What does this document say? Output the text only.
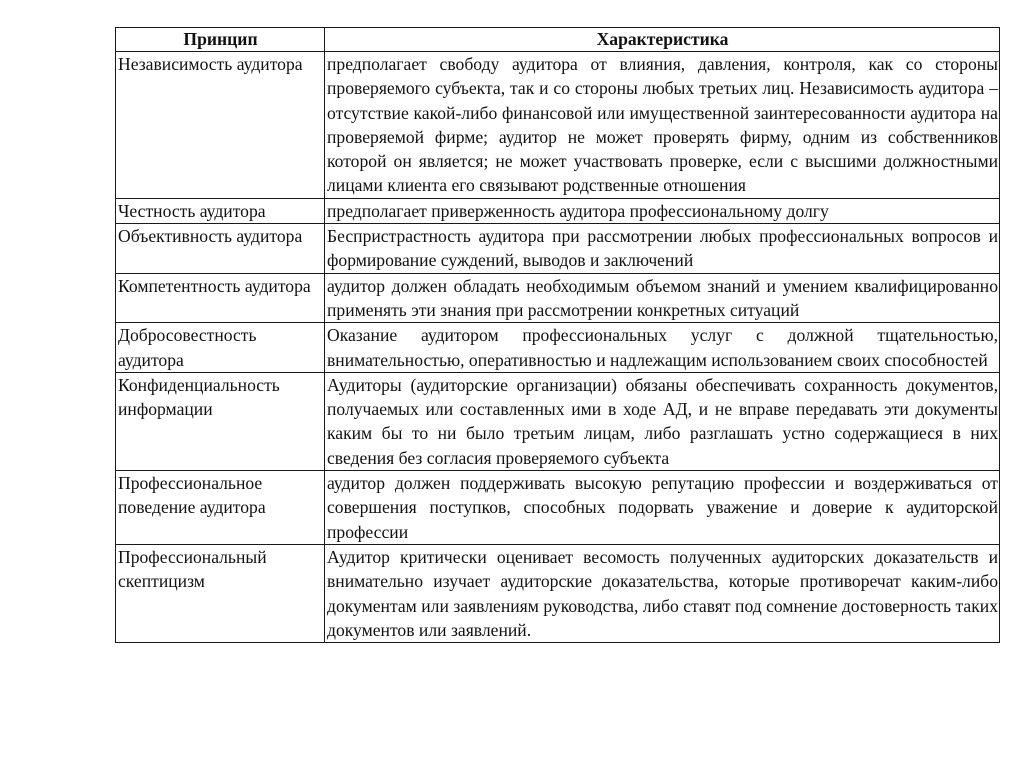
Принцип	Характеристика
Независимость аудитора	предполагает свободу аудитора от влияния, давления, контроля, как со стороны проверяемого субъекта, так и со стороны любых третьих лиц. Независимость аудитора – отсутствие какой-либо финансовой или имущественной заинтересованности аудитора на проверяемой фирме; аудитор не может проверять фирму, одним из собственников которой он является; не может участвовать проверке, если с высшими должностными лицами клиента его связывают родственные отношения
Честность аудитора	предполагает приверженность аудитора профессиональному долгу
Объективность аудитора	Беспристрастность аудитора при рассмотрении любых профессиональных вопросов и формирование суждений, выводов и заключений
Компетентность аудитора	аудитор должен обладать необходимым объемом знаний и умением квалифицированно применять эти знания при рассмотрении конкретных ситуаций
Добросовестность аудитора	Оказание аудитором профессиональных услуг с должной тщательностью, внимательностью, оперативностью и надлежащим использованием своих способностей
Конфиденциальность информации	Аудиторы (аудиторские организации) обязаны обеспечивать сохранность документов, получаемых или составленных ими в ходе АД, и не вправе передавать эти документы каким бы то ни было третьим лицам, либо разглашать устно содержащиеся в них сведения без согласия проверяемого субъекта
Профессиональное поведение аудитора	аудитор должен поддерживать высокую репутацию профессии и воздерживаться от совершения поступков, способных подорвать уважение и доверие к аудиторской профессии
Профессиональный скептицизм	Аудитор критически оценивает весомость полученных аудиторских доказательств и внимательно изучает аудиторские доказательства, которые противоречат каким-либо документам или заявлениям руководства, либо ставят под сомнение достоверность таких документов или заявлений.
